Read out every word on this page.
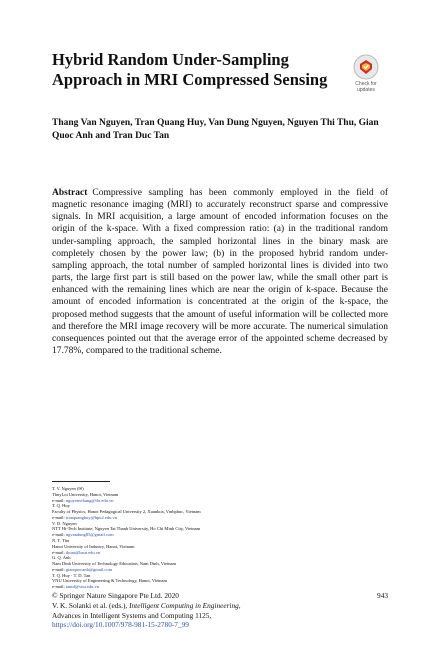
Hybrid Random Under-Sampling Approach in MRI Compressed Sensing	Check for
updates
Thang Van Nguyen, Tran Quang Huy, Van Dung Nguyen, Nguyen Thi Thu, Gian Quoc Anh and Tran Duc Tan
Abstract Compressive sampling has been commonly employed in the field of magnetic resonance imaging (MRI) to accurately reconstruct sparse and compressive signals. In MRI acquisition, a large amount of encoded information focuses on the origin of the k-space. With a fixed compression ratio: (a) in the traditional random under-sampling approach, the sampled horizontal lines in the binary mask are completely chosen by the power law; (b) in the proposed hybrid random under-sampling approach, the total number of sampled horizontal lines is divided into two parts, the large first part is still based on the power law, while the small other part is enhanced with the remaining lines which are near the origin of k-space. Because the amount of encoded information is concentrated at the origin of the k-space, the proposed method suggests that the amount of useful information will be collected more and therefore the MRI image recovery will be more accurate. The numerical simulation consequences pointed out that the average error of the appointed scheme decreased by 17.78%, compared to the traditional scheme.
T. V. Nguyen (✉)
ThuyLoi University, Hanoi, Vietnam
e-mail: nguyenvthang@tlu.edu.vn
T. Q. Huy
Faculty of Physics, Hanoi Pedagogical University 2, Xuanhoa, Vinhphuc, Vietnam
e-mail: tranquanghuy@hpu2.edu.vn
V. D. Nguyen
NTT Hi-Tech Institute, Nguyen Tat Thanh University, Ho Chi Minh City, Vietnam
e-mail: ngvandung85@gmail.com
N. T. Thu
Hanoi University of Industry, Hanoi, Vietnam
e-mail: thunt@haui.edu.vn
G. Q. Anh
Nam Dinh University of Technology Education, Nam Dinh, Vietnam
e-mail: gianquocanh@gmail.com
T. Q. Huy · T. D. Tan
VNU University of Engineering & Technology, Hanoi, Vietnam
e-mail: tantd@vnu.edu.vn
© Springer Nature Singapore Pte Ltd. 2020	943
V. K. Solanki et al. (eds.), Intelligent Computing in Engineering,
Advances in Intelligent Systems and Computing 1125,
https://doi.org/10.1007/978-981-15-2780-7_99
